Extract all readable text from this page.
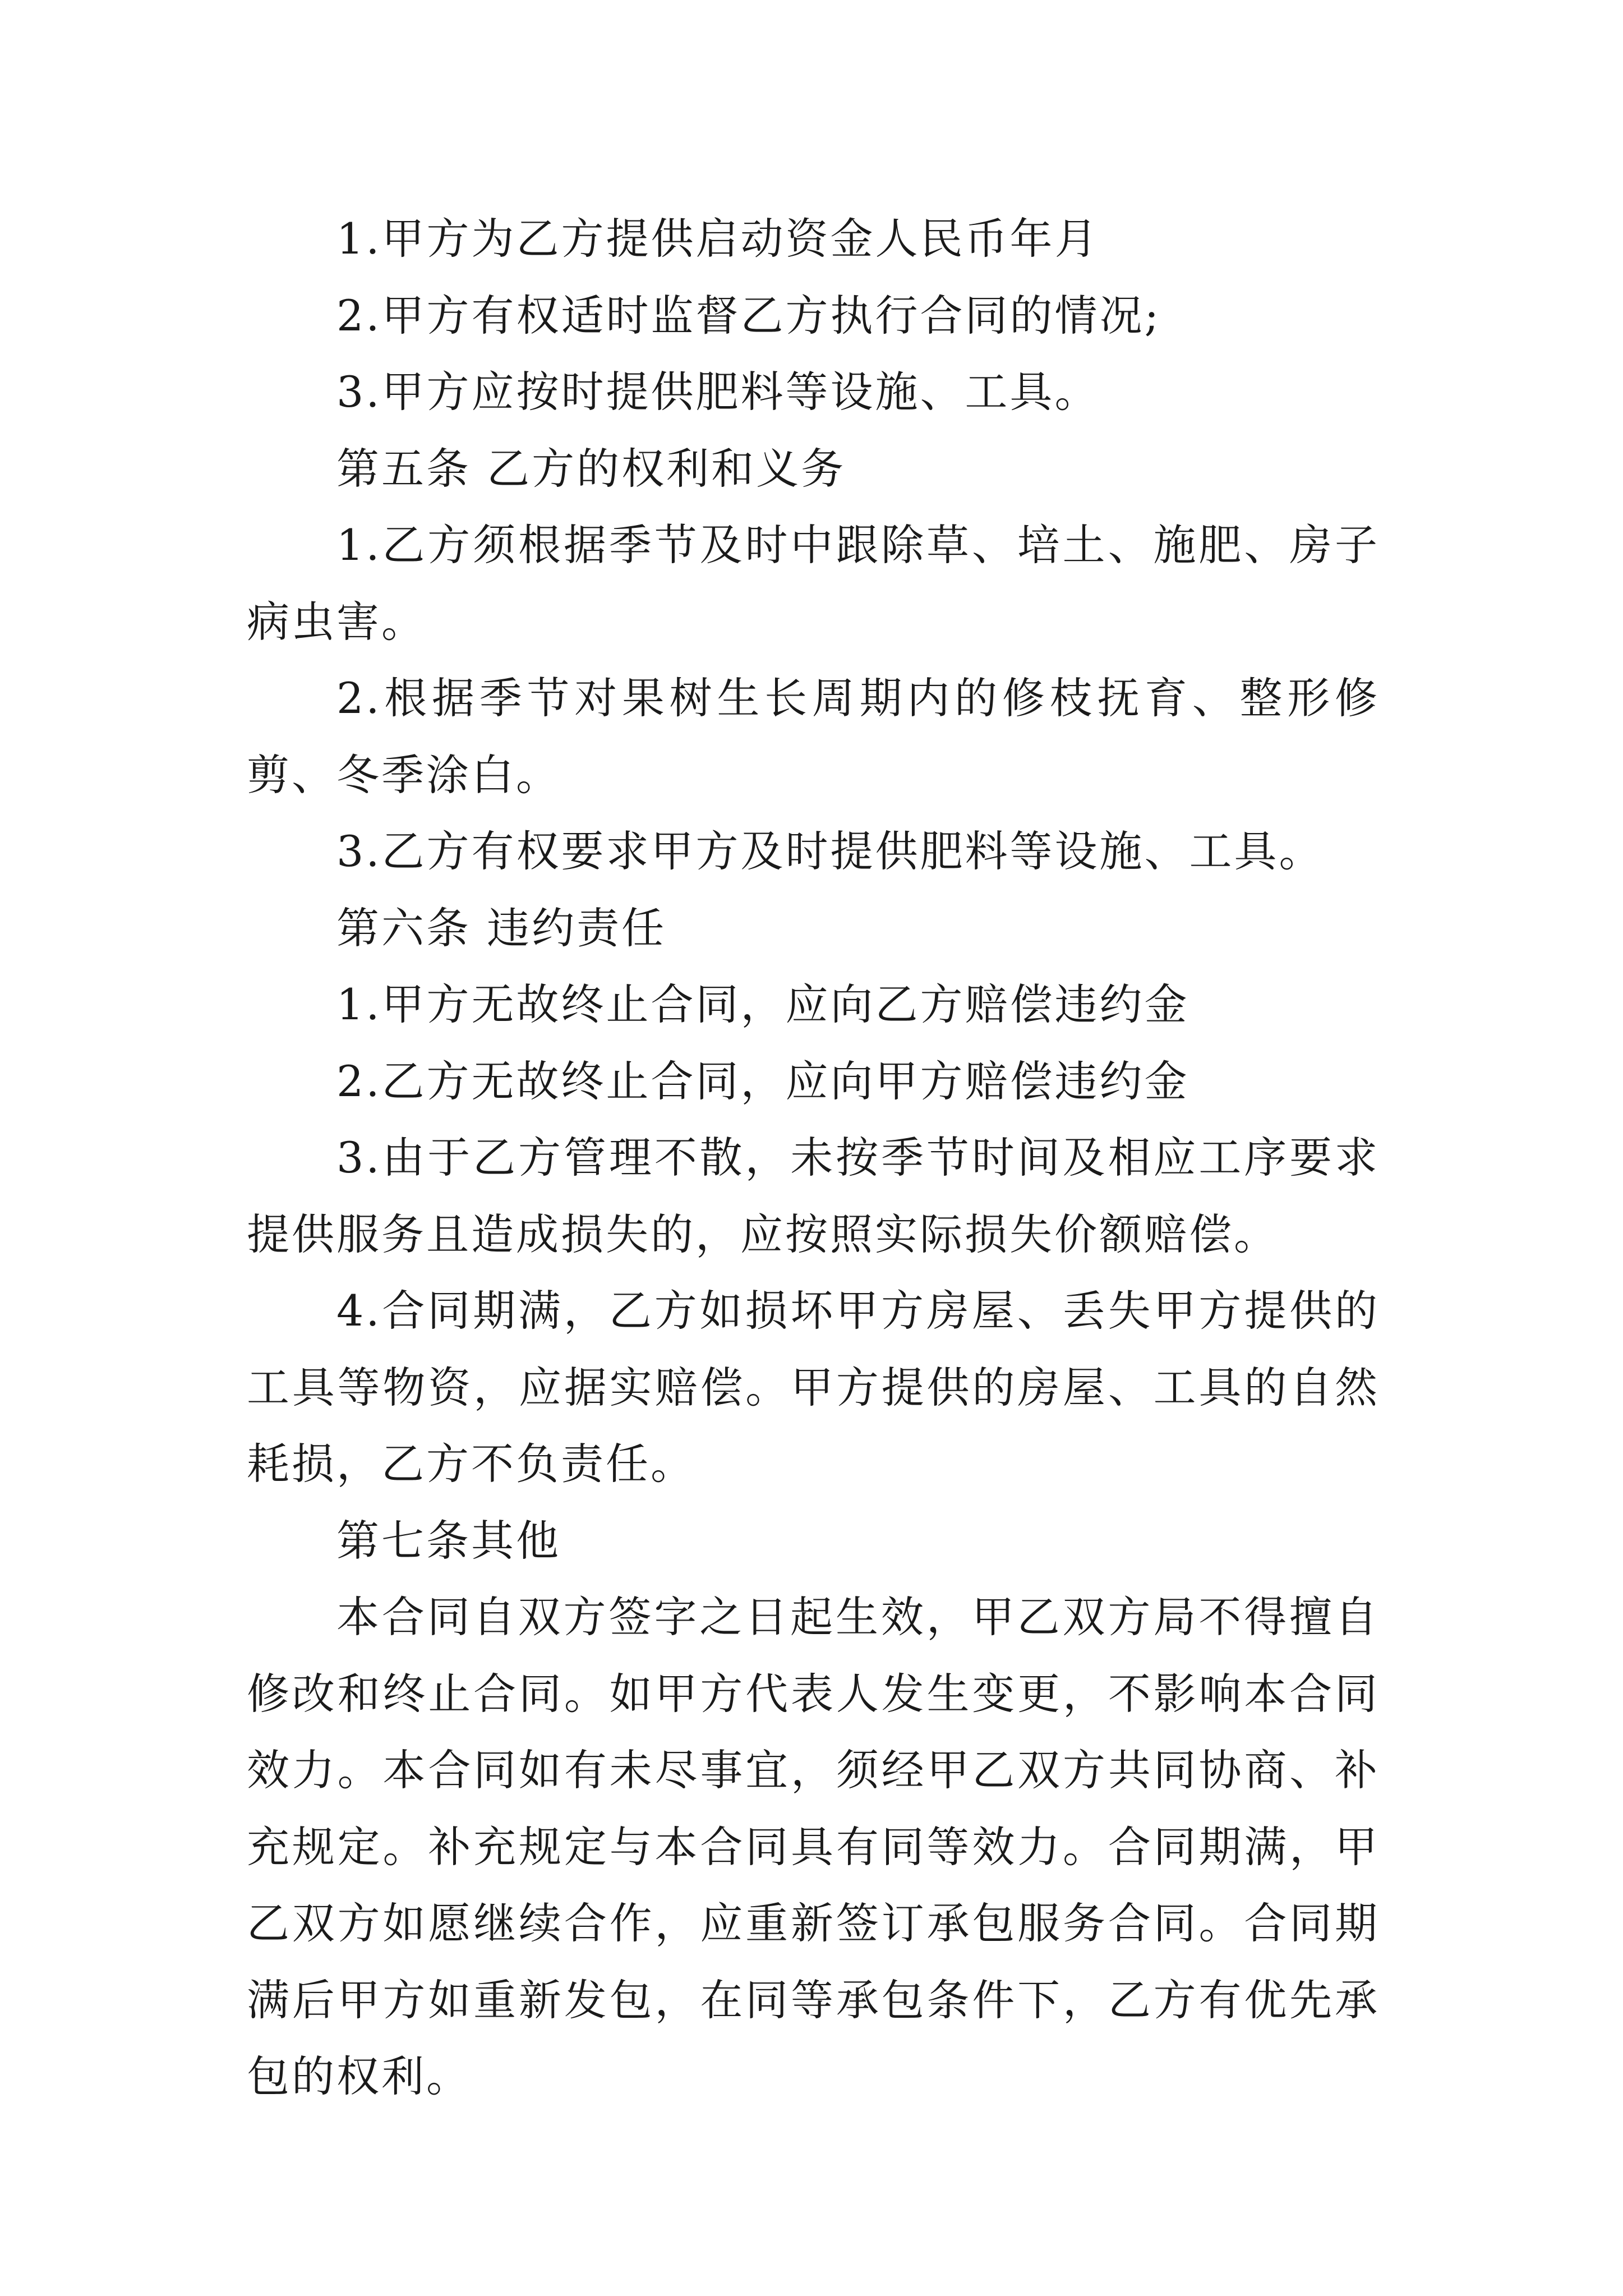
1.甲方为乙方提供启动资金人民币年月

2.甲方有权适时监督乙方执行合同的情况;

3.甲方应按时提供肥料等设施、工具。

第五条 乙方的权利和义务

1.乙方须根据季节及时中跟除草、培土、施肥、房子病虫害。

2.根据季节对果树生长周期内的修枝抚育、整形修剪、冬季涂白。

3.乙方有权要求甲方及时提供肥料等设施、工具。

第六条 违约责任

1.甲方无故终止合同，应向乙方赔偿违约金

2.乙方无故终止合同，应向甲方赔偿违约金

3.由于乙方管理不散，未按季节时间及相应工序要求提供服务且造成损失的，应按照实际损失价额赔偿。

4.合同期满，乙方如损坏甲方房屋、丢失甲方提供的工具等物资，应据实赔偿。甲方提供的房屋、工具的自然耗损，乙方不负责任。

第七条其他

本合同自双方签字之日起生效，甲乙双方局不得擅自修改和终止合同。如甲方代表人发生变更，不影响本合同效力。本合同如有未尽事宜，须经甲乙双方共同协商、补充规定。补充规定与本合同具有同等效力。合同期满，甲乙双方如愿继续合作，应重新签订承包服务合同。合同期满后甲方如重新发包，在同等承包条件下，乙方有优先承包的权利。
